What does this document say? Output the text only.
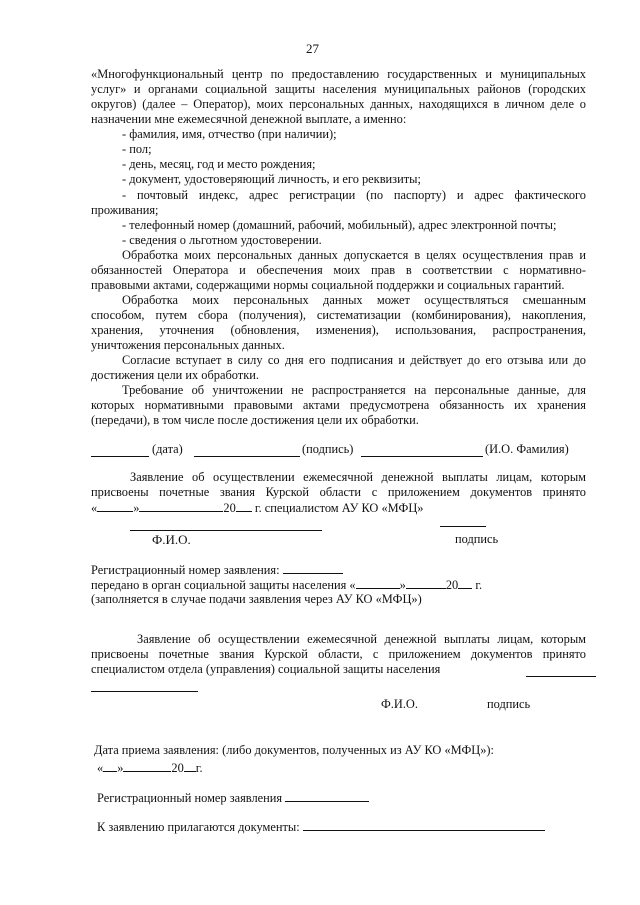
27
«Многофункциональный центр по предоставлению государственных и муниципальных
услуг» и органами социальной защиты населения муниципальных районов (городских
округов) (далее – Оператор), моих персональных данных, находящихся в личном деле о
назначении мне ежемесячной денежной выплате, а именно:
- фамилия, имя, отчество (при наличии);
- пол;
- день, месяц, год и место рождения;
- документ, удостоверяющий личность, и его реквизиты;
- почтовый индекс, адрес регистрации (по паспорту) и адрес фактического
проживания;
- телефонный номер (домашний, рабочий, мобильный), адрес электронной почты;
- сведения о льготном удостоверении.
Обработка моих персональных данных допускается в целях осуществления прав и
обязанностей Оператора и обеспечения моих прав в соответствии с нормативно-
правовыми актами, содержащими нормы социальной поддержки и социальных гарантий.
Обработка моих персональных данных может осуществляться смешанным
способом, путем сбора (получения), систематизации (комбинирования), накопления,
хранения, уточнения (обновления, изменения), использования, распространения,
уничтожения персональных данных.
Согласие вступает в силу со дня его подписания и действует до его отзыва или до
достижения цели их обработки.
Требование об уничтожении не распространяется на персональные данные, для
которых нормативными правовыми актами предусмотрена обязанность их хранения
(передачи), в том числе после достижения цели их обработки.
(дата)	(подпись)	(И.О. Фамилия)
Заявление об осуществлении ежемесячной денежной выплаты лицам, которым
присвоены почетные звания Курской области с приложением документов принято
«	»	20 г. специалистом АУ КО «МФЦ»
Ф.И.О.	подпись
Регистрационный номер заявления:
передано в орган социальной защиты населения «	»	20 г.
(заполняется в случае подачи заявления через АУ КО «МФЦ»)
Заявление об осуществлении ежемесячной денежной выплаты лицам, которым
присвоены почетные звания Курской области, с приложением документов принято
специалистом отдела (управления) социальной защиты населения
Ф.И.О.	подпись
Дата приема заявления: (либо документов, полученных из АУ КО «МФЦ»):
« »	20 г.
Регистрационный номер заявления
К заявлению прилагаются документы:
